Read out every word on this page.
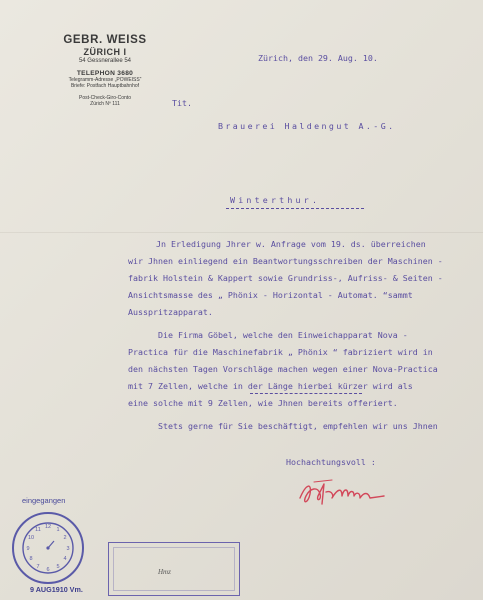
GEBR. WEISS
ZÜRICH I
54 Gessnerallee 54
TELEPHON 3680
Telegramm-Adresse „POWEISS“
Briefe: Postfach Hauptbahnhof
Post-Check-Giro-Conto
Zürich Nº 111
Zürich, den 29. Aug. 10.
Tit.
Brauerei Haldengut A.-G.
Winterthur.
Jn Erledigung Jhrer w. Anfrage vom 19. ds. überreichen
wir Jhnen einliegend ein Beantwortungsschreiben der Maschinen -
fabrik Holstein & Kappert sowie Grundriss-, Aufriss- & Seiten -
Ansichtsmasse des „ Phönix - Horizontal - Automat. “sammt
Ausspritzapparat.
Die Firma Göbel, welche den Einweichapparat Nova -
Practica für die Maschinefabrik „ Phönix “ fabriziert wird in
den nächsten Tagen Vorschläge machen wegen einer Nova-Practica
mit 7 Zellen, welche in der Länge hierbei kürzer wird als
eine solche mit 9 Zellen, wie Jhnen bereits offeriert.
Stets gerne für Sie beschäftigt, empfehlen wir uns Jhnen
Hochachtungsvoll :
eingegangen
12 1
2
3
4
5
6
7
8
9
10
11
9 AUG1910 Vm.
Hmz
